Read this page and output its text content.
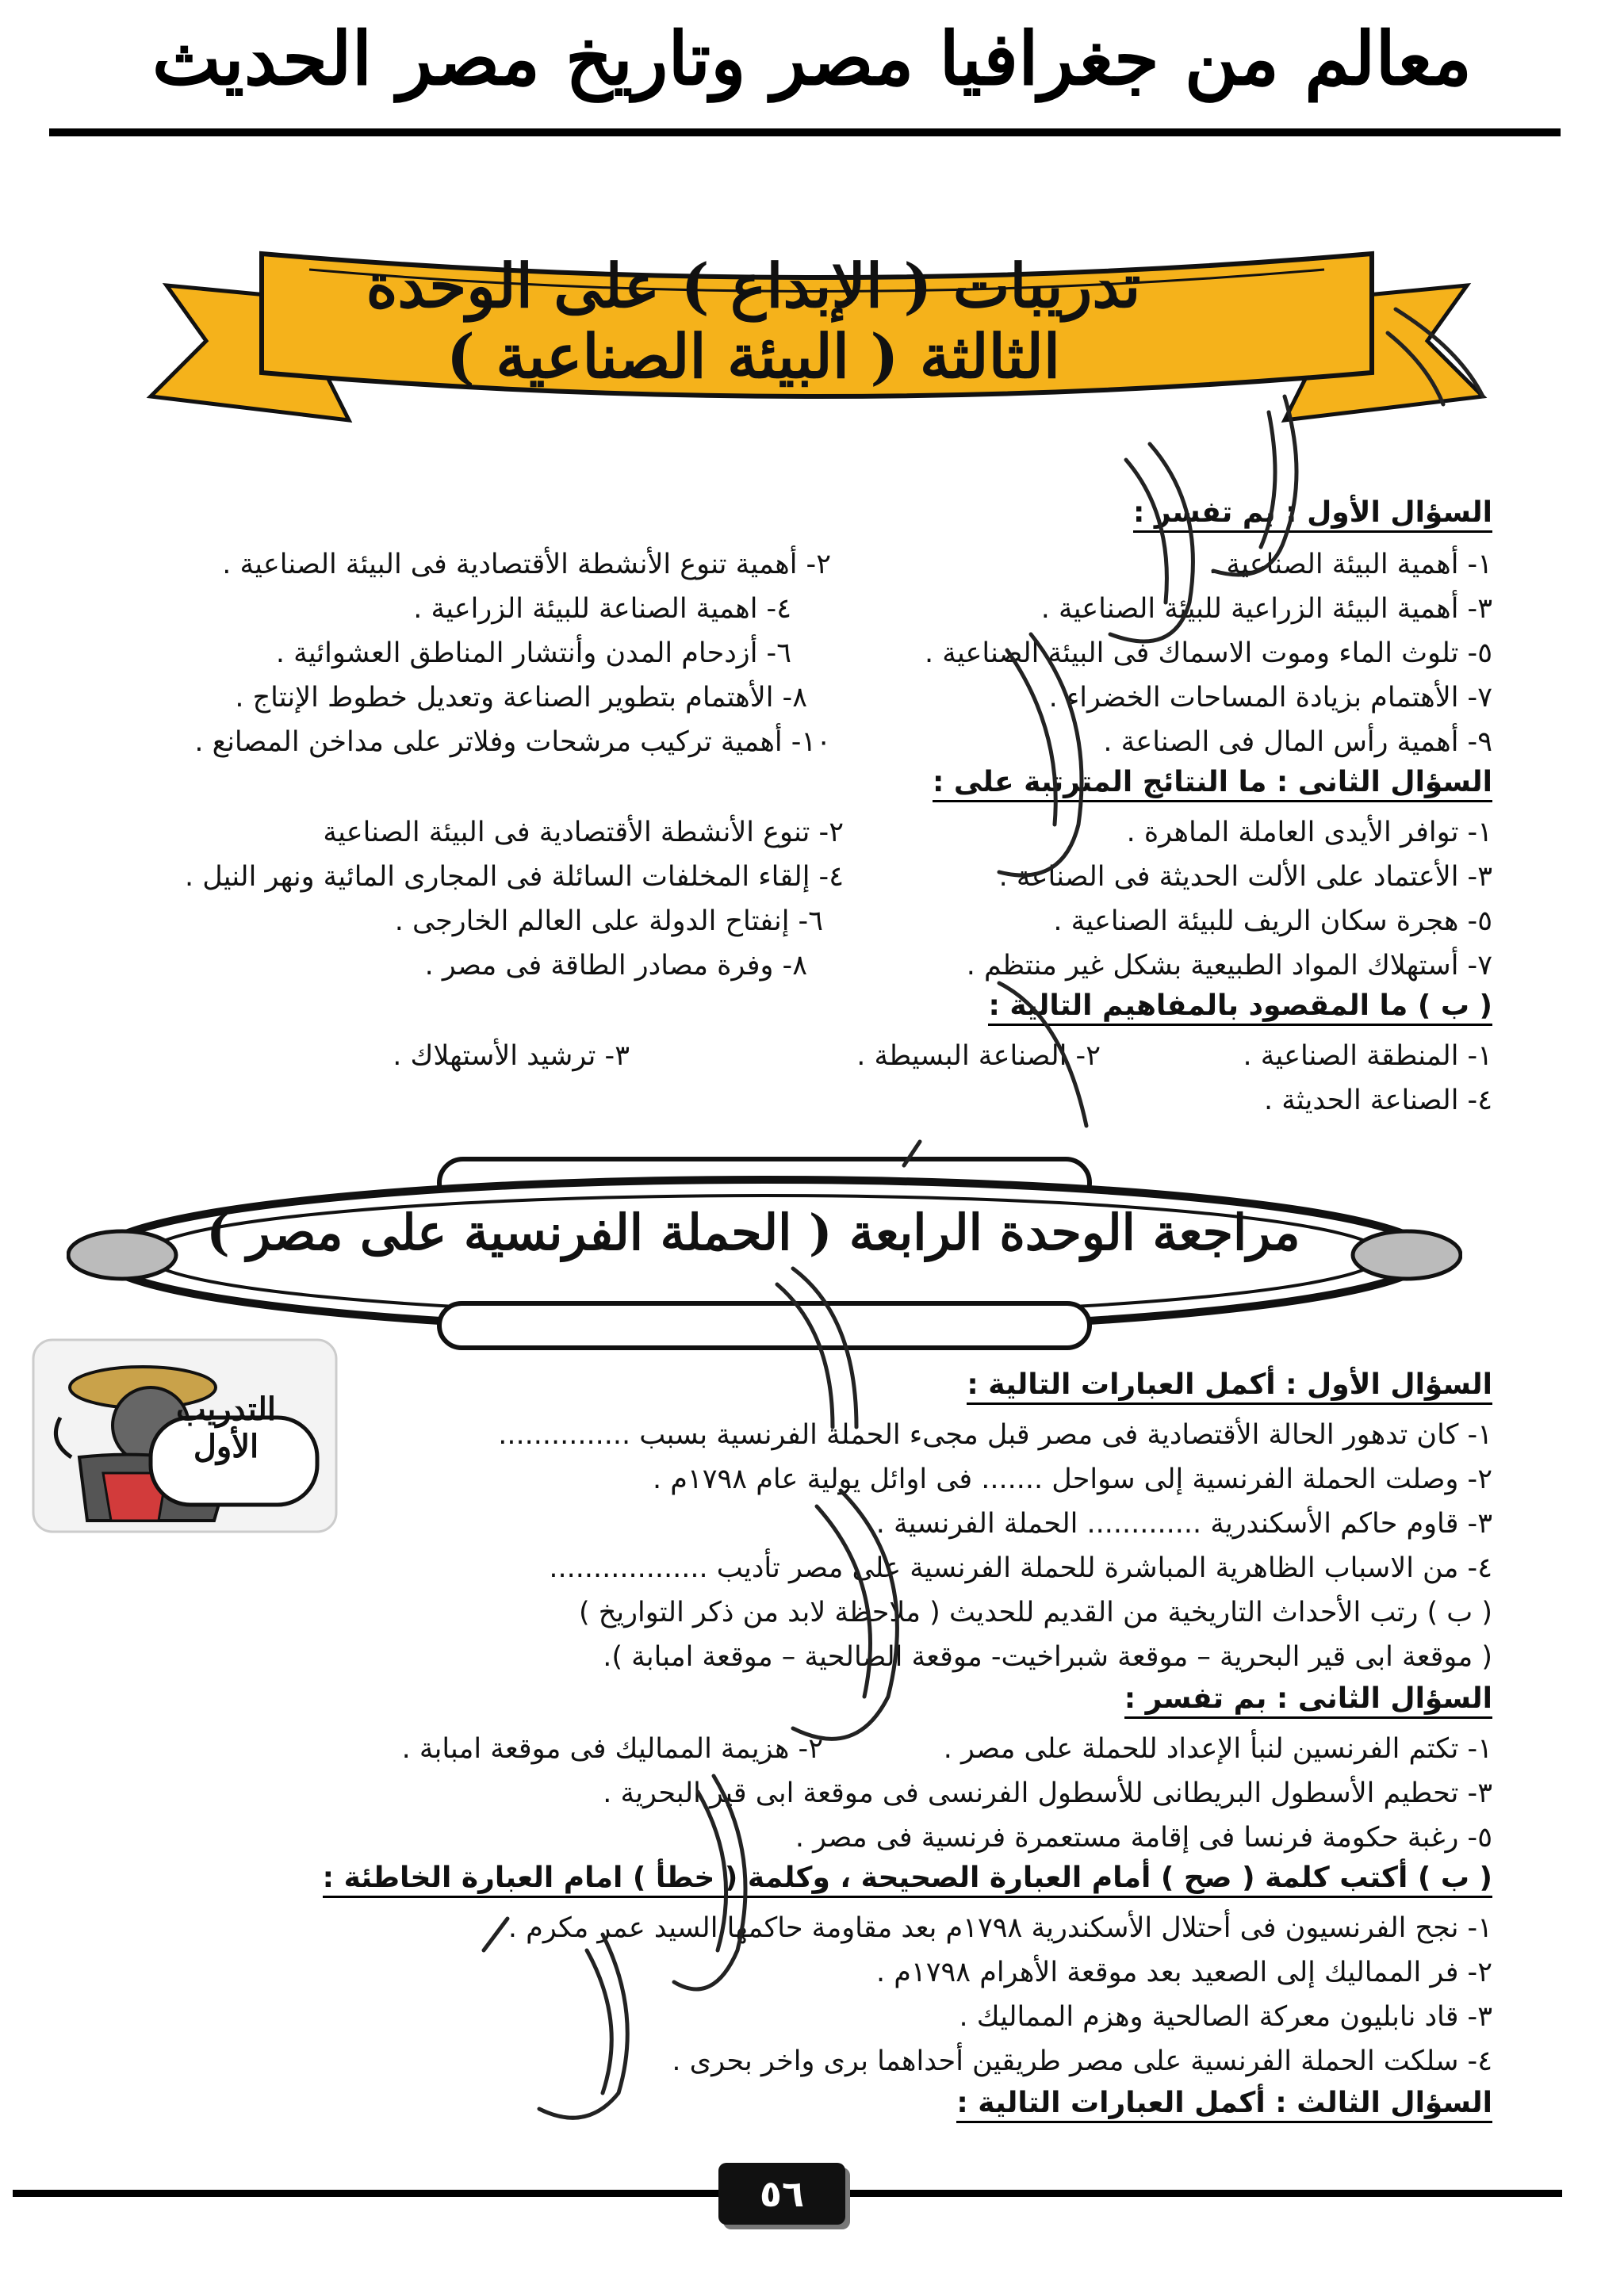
معالم من جغرافيا مصر وتاريخ مصر الحديث
تدريبات ( الإبداع ) على الوحدة الثالثة ( البيئة الصناعية )
السؤال الأول : بم تفسر :
١- أهمية البيئة الصناعية .
٢- أهمية تنوع الأنشطة الأقتصادية فى البيئة الصناعية .
٣- أهمية البيئة الزراعية للبيئة الصناعية .
٤- اهمية الصناعة للبيئة الزراعية .
٥- تلوث الماء وموت الاسماك فى البيئة الصناعية .
٦- أزدحام المدن وأنتشار المناطق العشوائية .
٧- الأهتمام بزيادة المساحات الخضراء .
٨- الأهتمام بتطوير الصناعة وتعديل خطوط الإنتاج .
٩- أهمية رأس المال فى الصناعة .
١٠- أهمية تركيب مرشحات وفلاتر على مداخن المصانع .
السؤال الثانى : ما النتائج المترتبة على :
١- توافر الأيدى العاملة الماهرة .
٢- تنوع الأنشطة الأقتصادية فى البيئة الصناعية
٣- الأعتماد على الألت الحديثة فى الصناعة .
٤- إلقاء المخلفات السائلة فى المجارى المائية ونهر النيل .
٥- هجرة سكان الريف للبيئة الصناعية .
٦- إنفتاح الدولة على العالم الخارجى .
٧- أستهلاك المواد الطبيعية بشكل غير منتظم .
٨- وفرة مصادر الطاقة فى مصر .
( ب ) ما المقصود بالمفاهيم التالية :
١- المنطقة الصناعية .
٢- الصناعة البسيطة .
٣- ترشيد الأستهلاك .
٤- الصناعة الحديثة .
مراجعة الوحدة الرابعة ( الحملة الفرنسية على مصر )
التدريب الأول
السؤال الأول : أكمل العبارات التالية :
١- كان تدهور الحالة الأقتصادية فى مصر قبل مجىء الحملة الفرنسية بسبب ...............
٢- وصلت الحملة الفرنسية إلى سواحل ....... فى اوائل يولية عام ١٧٩٨م .
٣- قاوم حاكم الأسكندرية ............. الحملة الفرنسية .
٤- من الاسباب الظاهرية المباشرة للحملة الفرنسية على مصر تأديب ..................
( ب ) رتب الأحداث التاريخية من القديم للحديث ( ملاحظة لابد من ذكر التواريخ )
( موقعة ابى قير البحرية – موقعة شبراخيت- موقعة الصالحية – موقعة امبابة ).
السؤال الثانى : بم تفسر :
١- تكتم الفرنسين لنبأ الإعداد للحملة على مصر .
٢- هزيمة المماليك فى موقعة امبابة .
٣- تحطيم الأسطول البريطانى للأسطول الفرنسى فى موقعة ابى قير البحرية .
٥- رغبة حكومة فرنسا فى إقامة مستعمرة فرنسية فى مصر .
( ب ) أكتب كلمة ( صح ) أمام العبارة الصحيحة ، وكلمة ( خطأ ) امام العبارة الخاطئة :
١- نجح الفرنسيون فى أحتلال الأسكندرية ١٧٩٨م بعد مقاومة حاكمها السيد عمر مكرم .
٢- فر المماليك إلى الصعيد بعد موقعة الأهرام ١٧٩٨م .
٣- قاد نابليون معركة الصالحية وهزم المماليك .
٤- سلكت الحملة الفرنسية على مصر طريقين أحداهما برى واخر بحرى .
السؤال الثالث : أكمل العبارات التالية :
٥٦
